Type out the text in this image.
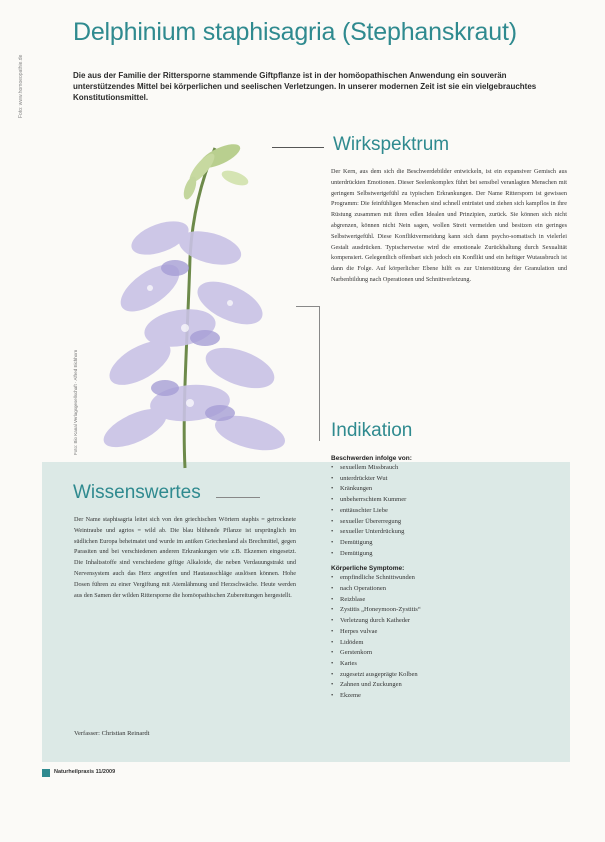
Foto: www.homoeopathie.de
Delphinium staphisagria (Stephanskraut)
Die aus der Familie der Rittersporne stammende Giftpflanze ist in der homöopathischen Anwendung ein souverän unterstützendes Mittel bei körperlichen und seelischen Verletzungen. In unserer modernen Zeit ist sie ein vielgebrauchtes Konstitutionsmittel.
Foto: Bio Kanal Verlagsgesellschaft · Alfred Eichhorn
Wirkspektrum
Der Kern, aus dem sich die Beschwerdebilder entwickeln, ist ein expansiver Gemisch aus unterdrückten Emotionen. Dieser Seelenkomplex führt bei sensibel veranlagten Menschen mit geringem Selbstwertgefühl zu typischen Erkrankungen. Der Name Rittersporn ist gewissen Programm: Die feinfühligen Menschen sind schnell entrüstet und ziehen sich kampflos in ihre Rüstung zusammen mit ihren edlen Idealen und Prinzipien, zurück. Sie können sich nicht abgrenzen, können nicht Nein sagen, wollen Streit vermeiden und besitzen ein geringes Selbstwertgefühl. Diese Konfliktvermeidung kann sich dann psycho-somatisch in vielerlei Gestalt ausdrücken. Typischerweise wird die emotionale Zurückhaltung durch Sexualität kompensiert. Gelegentlich offenbart sich jedoch ein Konflikt und ein heftiger Wutausbruch ist dann die Folge. Auf körperlicher Ebene hilft es zur Unterstützung der Granulation und Narbenbildung nach Operationen und Schnittverletzung.
Indikation
Beschwerden infolge von:
• sexuellem Missbrauch
• unterdrückter Wut
• Kränkungen
• unbeherrschtem Kummer
• enttäuschter Liebe
• sexueller Übererregung
• sexueller Unterdrückung
• Demütigung
• Demütigung
Körperliche Symptome:
• empfindliche Schnittwunden
• nach Operationen
• Reizblase
• Zystitis „Honeymoon-Zystitis“
• Verletzung durch Katheder
• Herpes vulvae
• Lidödem
• Gerstenkorn
• Karies
• zugesetzt ausgeprägte Kolben
• Zahnen und Zuckungen
• Ekzeme
Wissenswertes
Der Name staphisagria leitet sich von den griechischen Wörtern staphis = getrocknete Weintraube und agrios = wild ab. Die blau blühende Pflanze ist ursprünglich im südlichen Europa beheimatet und wurde im antiken Griechenland als Brechmittel, gegen Parasiten und bei verschiedenen anderen Erkrankungen wie z.B. Ekzemen eingesetzt. Die Inhaltsstoffe sind verschiedene giftige Alkaloide, die neben Verdauungstrakt und Nervensystem auch das Herz angreifen und Hautausschläge auslösen können. Hohe Dosen führen zu einer Vergiftung mit Atemlähmung und Herzschwäche. Heute werden aus den Samen der wilden Rittersporne die homöopathischen Zubereitungen hergestellt.
Verfasser: Christian Reinardt
Naturheilpraxis 11/2009
